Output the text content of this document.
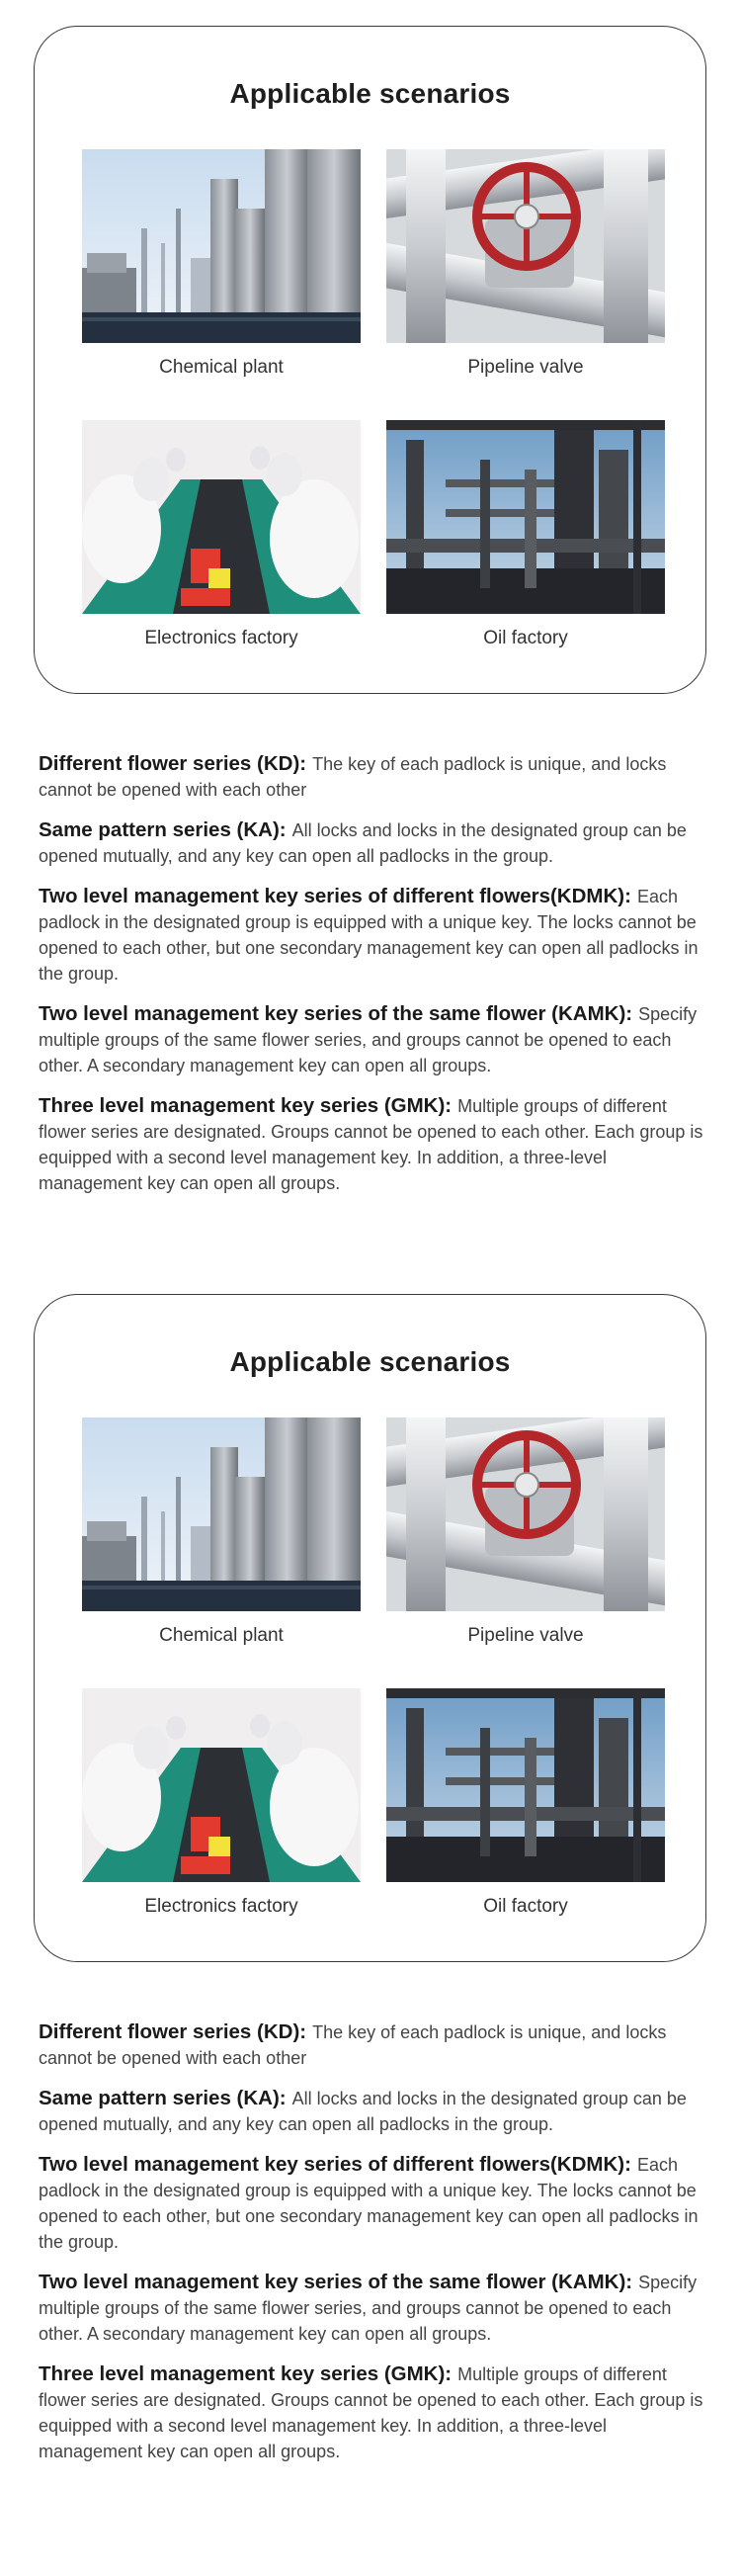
Applicable scenarios
Chemical plant	Pipeline valve
Electronics factory	Oil factory

Different flower series (KD): The key of each padlock is unique, and locks cannot be opened with each other

Same pattern series (KA): All locks and locks in the designated group can be opened mutually, and any key can open all padlocks in the group.

Two level management key series of different flowers(KDMK): Each padlock in the designated group is equipped with a unique key. The locks cannot be opened to each other, but one secondary management key can open all padlocks in the group.

Two level management key series of the same flower (KAMK): Specify multiple groups of the same flower series, and groups cannot be opened to each other. A secondary management key can open all groups.

Three level management key series (GMK): Multiple groups of different flower series are designated. Groups cannot be opened to each other. Each group is equipped with a second level management key. In addition, a three-level management key can open all groups.

Applicable scenarios
Chemical plant	Pipeline valve
Electronics factory	Oil factory

Different flower series (KD): The key of each padlock is unique, and locks cannot be opened with each other

Same pattern series (KA): All locks and locks in the designated group can be opened mutually, and any key can open all padlocks in the group.

Two level management key series of different flowers(KDMK): Each padlock in the designated group is equipped with a unique key. The locks cannot be opened to each other, but one secondary management key can open all padlocks in the group.

Two level management key series of the same flower (KAMK): Specify multiple groups of the same flower series, and groups cannot be opened to each other. A secondary management key can open all groups.

Three level management key series (GMK): Multiple groups of different flower series are designated. Groups cannot be opened to each other. Each group is equipped with a second level management key. In addition, a three-level management key can open all groups.
